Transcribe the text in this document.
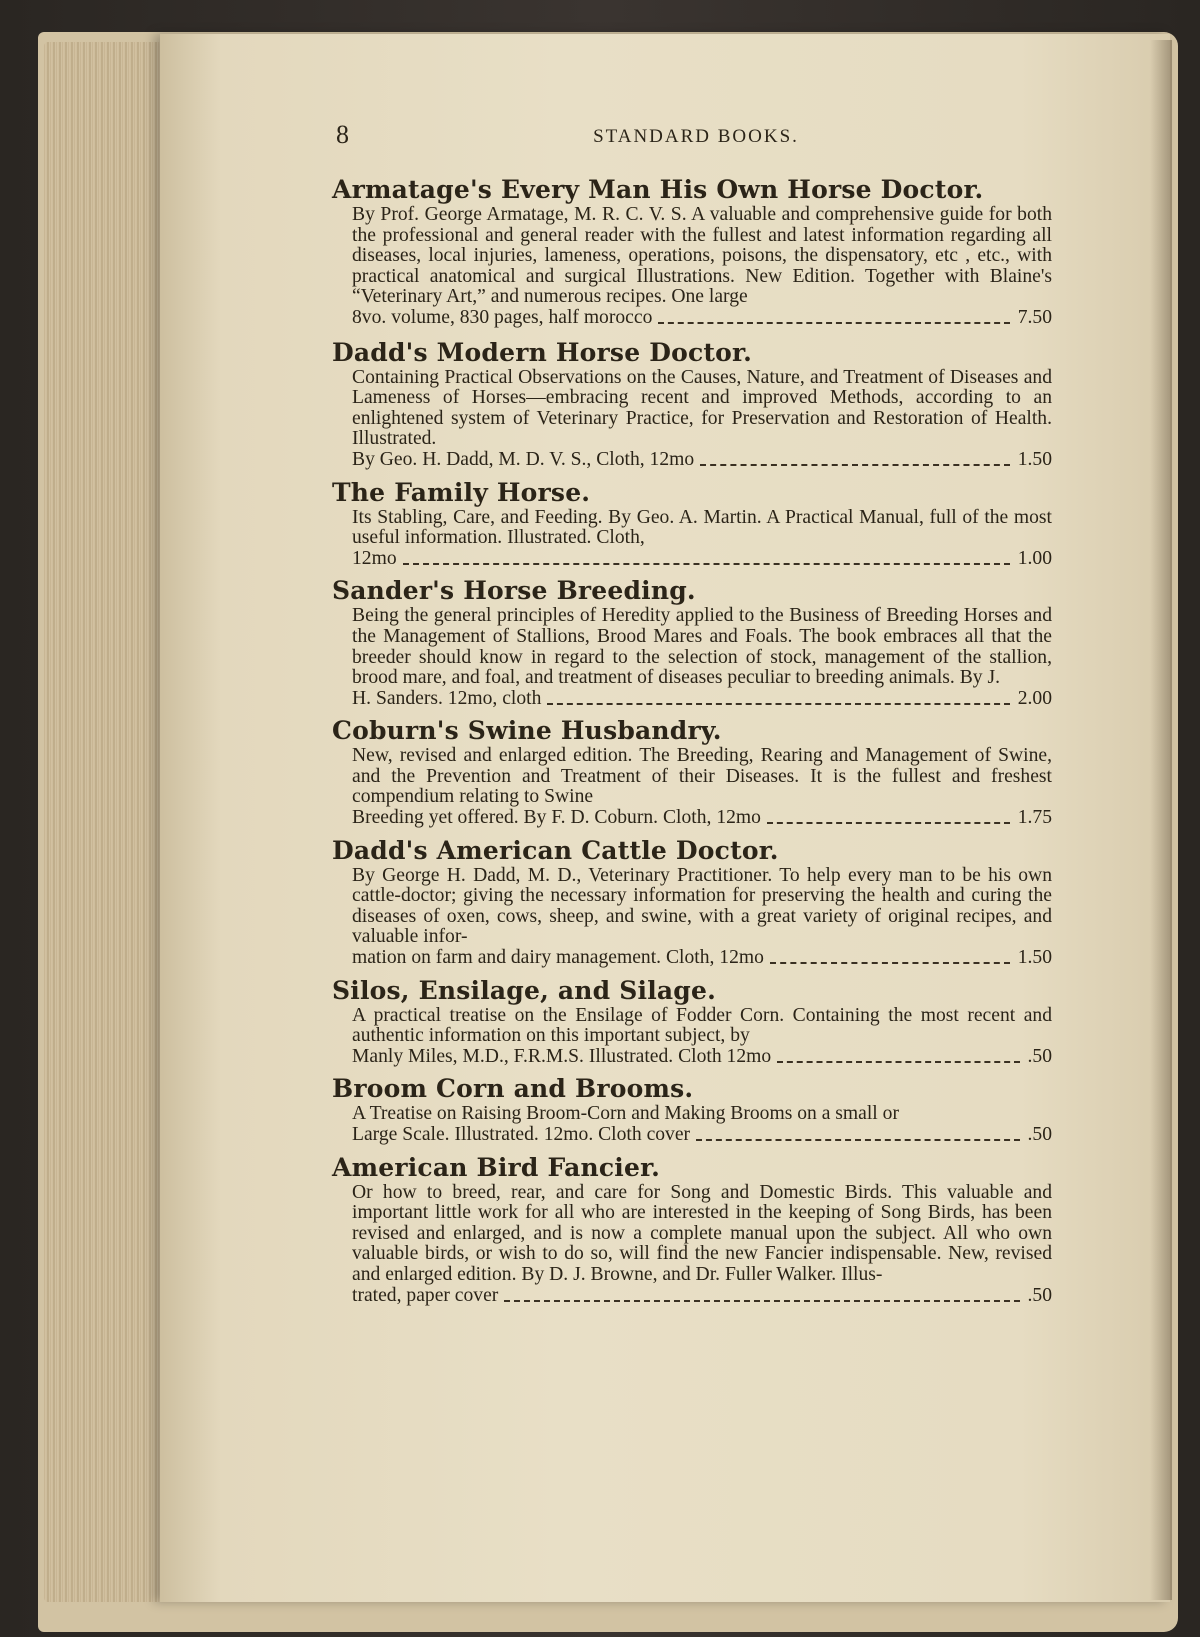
8	STANDARD BOOKS.
Armatage's Every Man His Own Horse Doctor.
By Prof. George Armatage, M. R. C. V. S. A valuable and comprehensive guide for both the professional and general reader with the fullest and latest information regarding all diseases, local injuries, lameness, operations, poisons, the dispensatory, etc , etc., with practical anatomical and surgical Illustrations. New Edition. Together with Blaine's “Veterinary Art,” and numerous recipes. One large
8vo. volume, 830 pages, half morocco	7.50
Dadd's Modern Horse Doctor.
Containing Practical Observations on the Causes, Nature, and Treatment of Diseases and Lameness of Horses—embracing recent and improved Methods, according to an enlightened system of Veterinary Practice, for Preservation and Restoration of Health. Illustrated.
By Geo. H. Dadd, M. D. V. S., Cloth, 12mo	1.50
The Family Horse.
Its Stabling, Care, and Feeding. By Geo. A. Martin. A Practical Manual, full of the most useful information. Illustrated. Cloth,
12mo	1.00
Sander's Horse Breeding.
Being the general principles of Heredity applied to the Business of Breeding Horses and the Management of Stallions, Brood Mares and Foals. The book embraces all that the breeder should know in regard to the selection of stock, management of the stallion, brood mare, and foal, and treatment of diseases peculiar to breeding animals. By J.
H. Sanders. 12mo, cloth	2.00
Coburn's Swine Husbandry.
New, revised and enlarged edition. The Breeding, Rearing and Management of Swine, and the Prevention and Treatment of their Diseases. It is the fullest and freshest compendium relating to Swine
Breeding yet offered. By F. D. Coburn. Cloth, 12mo	1.75
Dadd's American Cattle Doctor.
By George H. Dadd, M. D., Veterinary Practitioner. To help every man to be his own cattle-doctor; giving the necessary information for preserving the health and curing the diseases of oxen, cows, sheep, and swine, with a great variety of original recipes, and valuable infor-
mation on farm and dairy management. Cloth, 12mo	1.50
Silos, Ensilage, and Silage.
A practical treatise on the Ensilage of Fodder Corn. Containing the most recent and authentic information on this important subject, by
Manly Miles, M.D., F.R.M.S. Illustrated. Cloth 12mo	.50
Broom Corn and Brooms.
A Treatise on Raising Broom-Corn and Making Brooms on a small or
Large Scale. Illustrated. 12mo. Cloth cover	.50
American Bird Fancier.
Or how to breed, rear, and care for Song and Domestic Birds. This valuable and important little work for all who are interested in the keeping of Song Birds, has been revised and enlarged, and is now a complete manual upon the subject. All who own valuable birds, or wish to do so, will find the new Fancier indispensable. New, revised and enlarged edition. By D. J. Browne, and Dr. Fuller Walker. Illus-
trated, paper cover	.50
